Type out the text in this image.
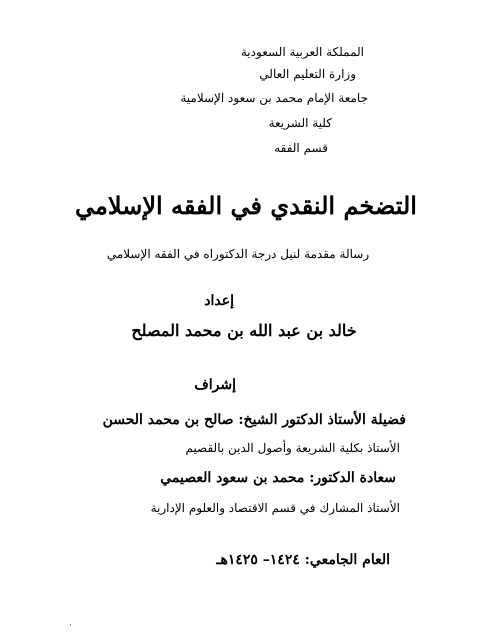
المملكة العربية السعودية
وزارة التعليم العالي
جامعة الإمام محمد بن سعود الإسلامية
كلية الشريعة
قسم الفقه
التضخم النقدي في الفقه الإسلامي
رسالة مقدمة لنيل درجة الدكتوراه في الفقه الإسلامي
إعداد
خالد بن عبد الله بن محمد المصلح
إشراف
فضيلة الأستاذ الدكتور الشيخ: صالح بن محمد الحسن
الأستاذ بكلية الشريعة وأصول الدين بالقصيم
سعادة الدكتور: محمد بن سعود العصيمي
الأستاذ المشارك في قسم الاقتصاد والعلوم الإدارية
العام الجامعي: ١٤٢٤– ١٤٢٥هـ
،
